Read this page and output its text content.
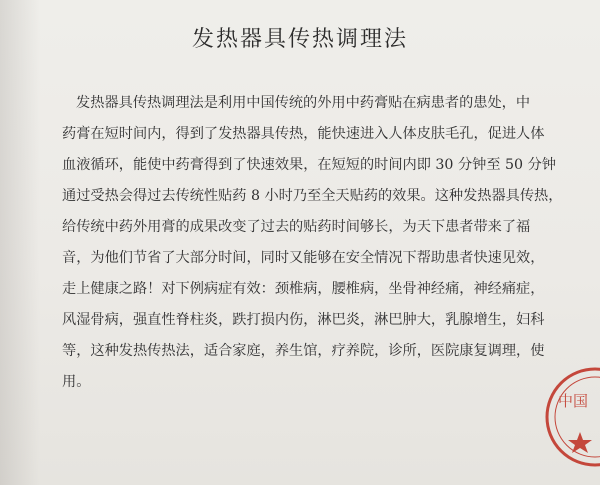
发热器具传热调理法
发热器具传热调理法是利用中国传统的外用中药膏贴在病患者的患处，中
药膏在短时间内，得到了发热器具传热，能快速进入人体皮肤毛孔，促进人体
血液循环，能使中药膏得到了快速效果，在短短的时间内即 30 分钟至 50 分钟
通过受热会得过去传统性贴药 8 小时乃至全天贴药的效果。这种发热器具传热，
给传统中药外用膏的成果改变了过去的贴药时间够长，为天下患者带来了福
音，为他们节省了大部分时间，同时又能够在安全情况下帮助患者快速见效，
走上健康之路！对下例病症有效：颈椎病，腰椎病，坐骨神经痛，神经痛症，
风湿骨病，强直性脊柱炎，跌打损内伤，淋巴炎，淋巴肿大，乳腺增生，妇科
等，这种发热传热法，适合家庭，养生馆，疗养院，诊所，医院康复调理，使
用。
中国
